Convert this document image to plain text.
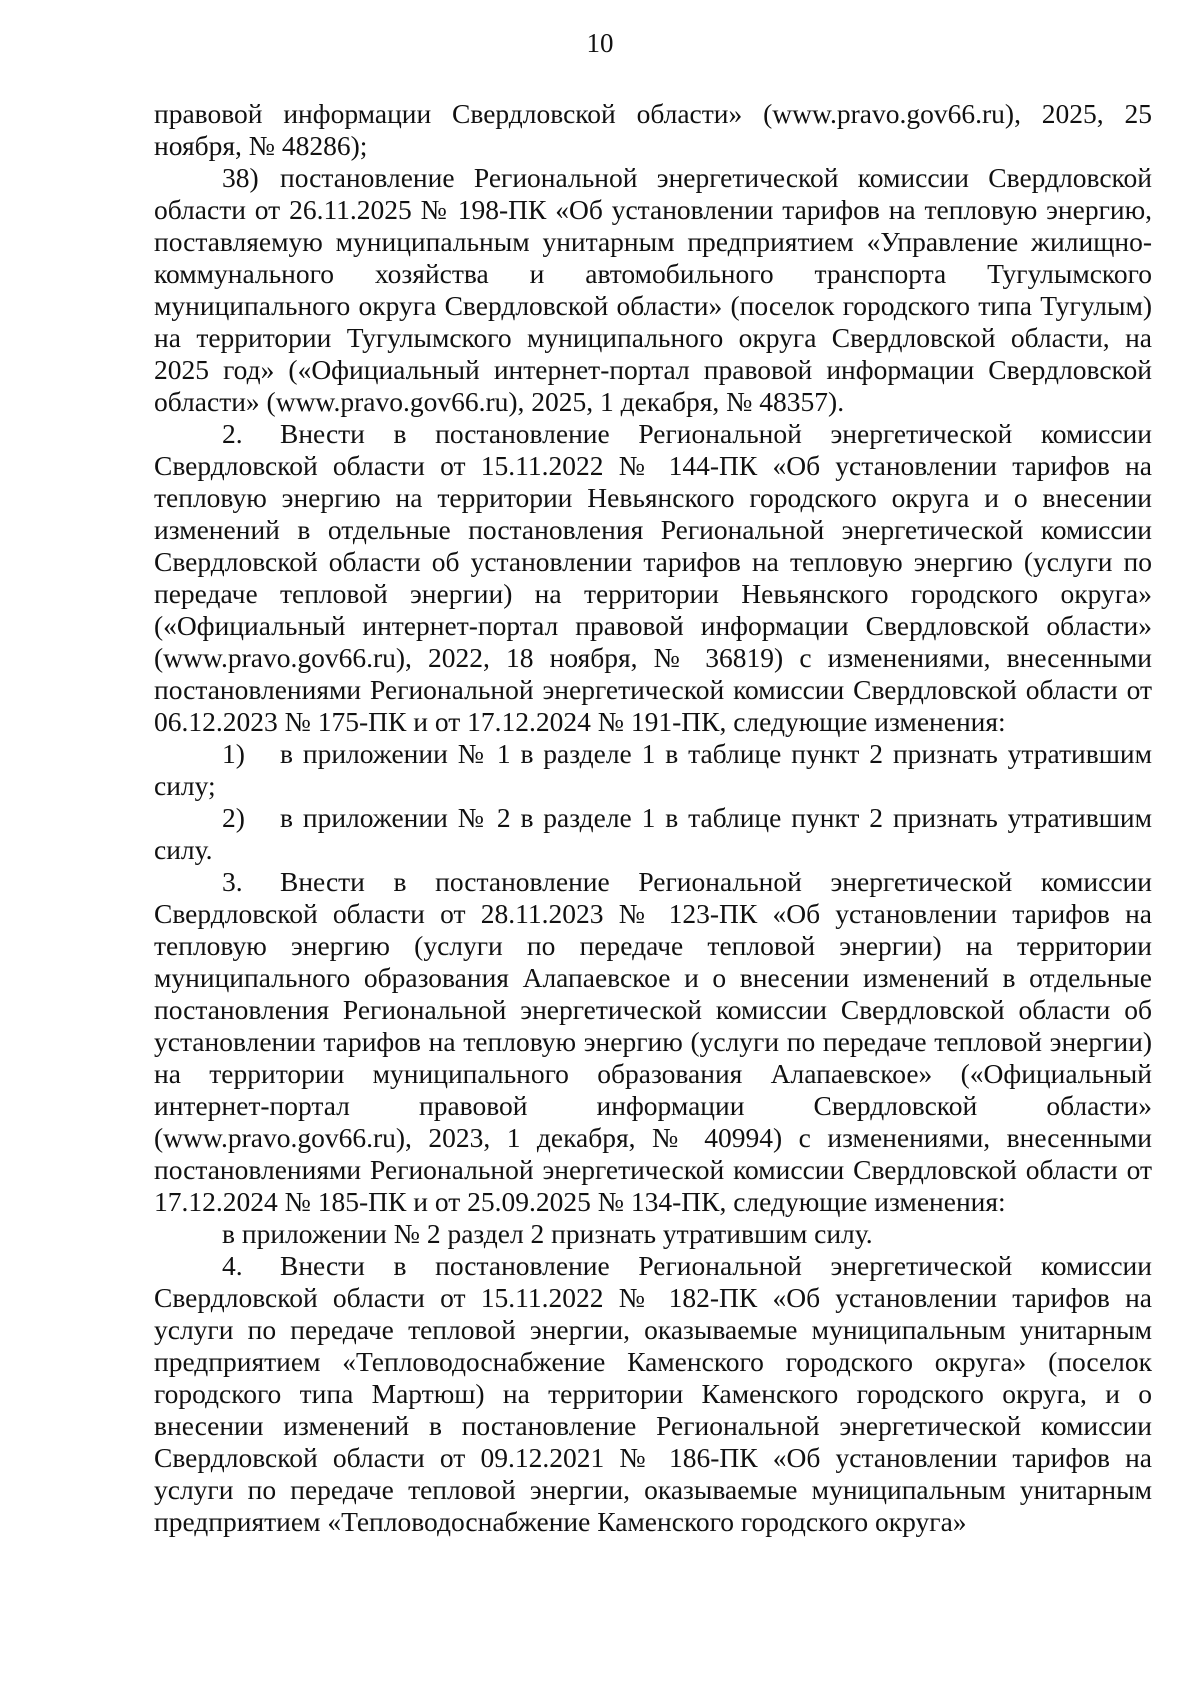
10

правовой информации Свердловской области» (www.pravo.gov66.ru), 2025, 25 ноября, № 48286);

38) постановление Региональной энергетической комиссии Свердловской области от 26.11.2025 № 198-ПК «Об установлении тарифов на тепловую энергию, поставляемую муниципальным унитарным предприятием «Управление жилищно-коммунального хозяйства и автомобильного транспорта Тугулымского муниципального округа Свердловской области» (поселок городского типа Тугулым) на территории Тугулымского муниципального округа Свердловской области, на 2025 год» («Официальный интернет-портал правовой информации Свердловской области» (www.pravo.gov66.ru), 2025, 1 декабря, № 48357).

2. Внести в постановление Региональной энергетической комиссии Свердловской области от 15.11.2022 № 144-ПК «Об установлении тарифов на тепловую энергию на территории Невьянского городского округа и о внесении изменений в отдельные постановления Региональной энергетической комиссии Свердловской области об установлении тарифов на тепловую энергию (услуги по передаче тепловой энергии) на территории Невьянского городского округа» («Официальный интернет-портал правовой информации Свердловской области» (www.pravo.gov66.ru), 2022, 18 ноября, № 36819) с изменениями, внесенными постановлениями Региональной энергетической комиссии Свердловской области от 06.12.2023 № 175-ПК и от 17.12.2024 № 191-ПК, следующие изменения:

1) в приложении № 1 в разделе 1 в таблице пункт 2 признать утратившим силу;

2) в приложении № 2 в разделе 1 в таблице пункт 2 признать утратившим силу.

3. Внести в постановление Региональной энергетической комиссии Свердловской области от 28.11.2023 № 123-ПК «Об установлении тарифов на тепловую энергию (услуги по передаче тепловой энергии) на территории муниципального образования Алапаевское и о внесении изменений в отдельные постановления Региональной энергетической комиссии Свердловской области об установлении тарифов на тепловую энергию (услуги по передаче тепловой энергии) на территории муниципального образования Алапаевское» («Официальный интернет-портал правовой информации Свердловской области» (www.pravo.gov66.ru), 2023, 1 декабря, № 40994) с изменениями, внесенными постановлениями Региональной энергетической комиссии Свердловской области от 17.12.2024 № 185-ПК и от 25.09.2025 № 134-ПК, следующие изменения:

в приложении № 2 раздел 2 признать утратившим силу.

4. Внести в постановление Региональной энергетической комиссии Свердловской области от 15.11.2022 № 182-ПК «Об установлении тарифов на услуги по передаче тепловой энергии, оказываемые муниципальным унитарным предприятием «Тепловодоснабжение Каменского городского округа» (поселок городского типа Мартюш) на территории Каменского городского округа, и о внесении изменений в постановление Региональной энергетической комиссии Свердловской области от 09.12.2021 № 186-ПК «Об установлении тарифов на услуги по передаче тепловой энергии, оказываемые муниципальным унитарным предприятием «Тепловодоснабжение Каменского городского округа»
